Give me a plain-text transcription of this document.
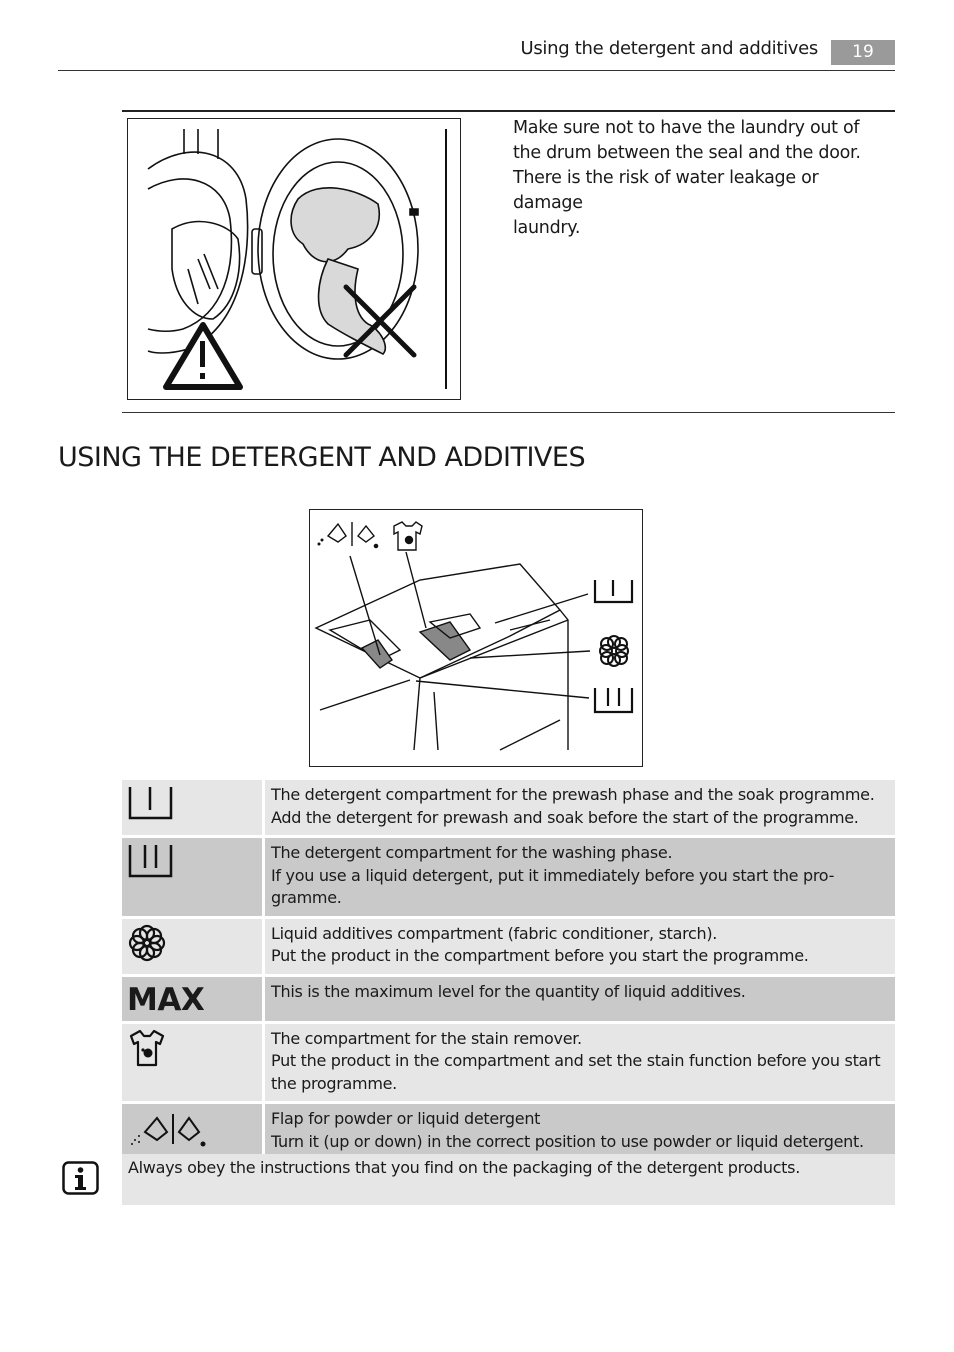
Using the detergent and additives	19
Make sure not to have the laundry out of
the drum between the seal and the door.
There is the risk of water leakage or damage
laundry.
USING THE DETERGENT AND ADDITIVES
The detergent compartment for the prewash phase and the soak programme.
Add the detergent for prewash and soak before the start of the programme.
The detergent compartment for the washing phase.
If you use a liquid detergent, put it immediately before you start the pro-
gramme.
Liquid additives compartment (fabric conditioner, starch).
Put the product in the compartment before you start the programme.
MAX	This is the maximum level for the quantity of liquid additives.
The compartment for the stain remover.
Put the product in the compartment and set the stain function before you start
the programme.
Flap for powder or liquid detergent
Turn it (up or down) in the correct position to use powder or liquid detergent.
Always obey the instructions that you find on the packaging of the detergent products.
